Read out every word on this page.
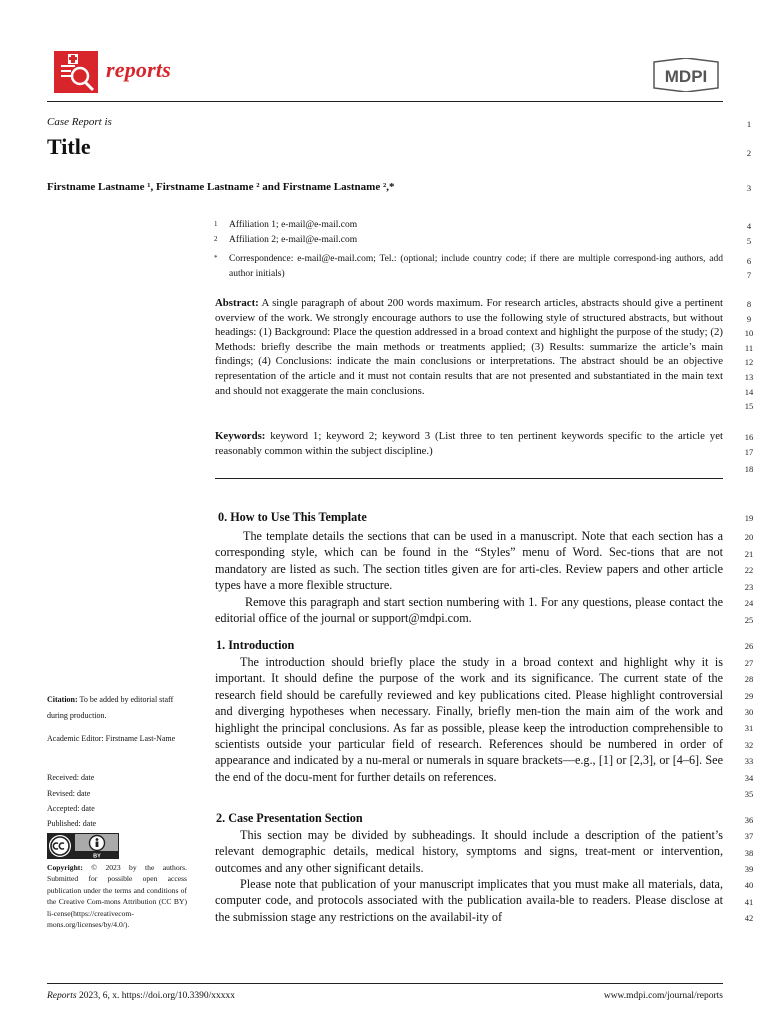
reports	MDPI
Case Report is
Title
Firstname Lastname ¹, Firstname Lastname ² and Firstname Lastname ²,*
1 Affiliation 1; e-mail@e-mail.com
2 Affiliation 2; e-mail@e-mail.com
* Correspondence: e-mail@e-mail.com; Tel.: (optional; include country code; if there are multiple correspond-ing authors, add author initials)
Abstract: A single paragraph of about 200 words maximum. For research articles, abstracts should give a pertinent overview of the work. We strongly encourage authors to use the following style of structured abstracts, but without headings: (1) Background: Place the question addressed in a broad context and highlight the purpose of the study; (2) Methods: briefly describe the main methods or treatments applied; (3) Results: summarize the article’s main findings; (4) Conclusions: indicate the main conclusions or interpretations. The abstract should be an objective representation of the article and it must not contain results that are not presented and substantiated in the main text and should not exaggerate the main conclusions.
Keywords: keyword 1; keyword 2; keyword 3 (List three to ten pertinent keywords specific to the article yet reasonably common within the subject discipline.)
0. How to Use This Template
The template details the sections that can be used in a manuscript. Note that each section has a corresponding style, which can be found in the “Styles” menu of Word. Sec-tions that are not mandatory are listed as such. The section titles given are for arti-cles. Review papers and other article types have a more flexible structure.
Remove this paragraph and start section numbering with 1. For any questions, please contact the editorial office of the journal or support@mdpi.com.
1. Introduction
The introduction should briefly place the study in a broad context and highlight why it is important. It should define the purpose of the work and its significance. The current state of the research field should be carefully reviewed and key publications cited. Please highlight controversial and diverging hypotheses when necessary. Finally, briefly men-tion the main aim of the work and highlight the principal conclusions. As far as possible, please keep the introduction comprehensible to scientists outside your particular field of research. References should be numbered in order of appearance and indicated by a nu-meral or numerals in square brackets—e.g., [1] or [2,3], or [4–6]. See the end of the docu-ment for further details on references.
2. Case Presentation Section
This section may be divided by subheadings. It should include a description of the patient’s relevant demographic details, medical history, symptoms and signs, treat-ment or intervention, outcomes and any other significant details.
Please note that publication of your manuscript implicates that you must make all materials, data, computer code, and protocols associated with the publication availa-ble to readers. Please disclose at the submission stage any restrictions on the availabil-ity of
Citation: To be added by editorial staff during production.
Academic Editor: Firstname Last-Name
Received: date
Revised: date
Accepted: date
Published: date
BY
Copyright: © 2023 by the authors. Submitted for possible open access publication under the terms and conditions of the Creative Com-mons Attribution (CC BY) li-cense(https://creativecom-mons.org/licenses/by/4.0/).
1
2
3
4
5
6
7
8
9
10
11
12
13
14
15
16
17
18
19
20
21
22
23
24
25
26
27
28
29
30
31
32
33
34
35
36
37
38
39
40
41
42
Reports 2023, 6, x. https://doi.org/10.3390/xxxxx	www.mdpi.com/journal/reports
